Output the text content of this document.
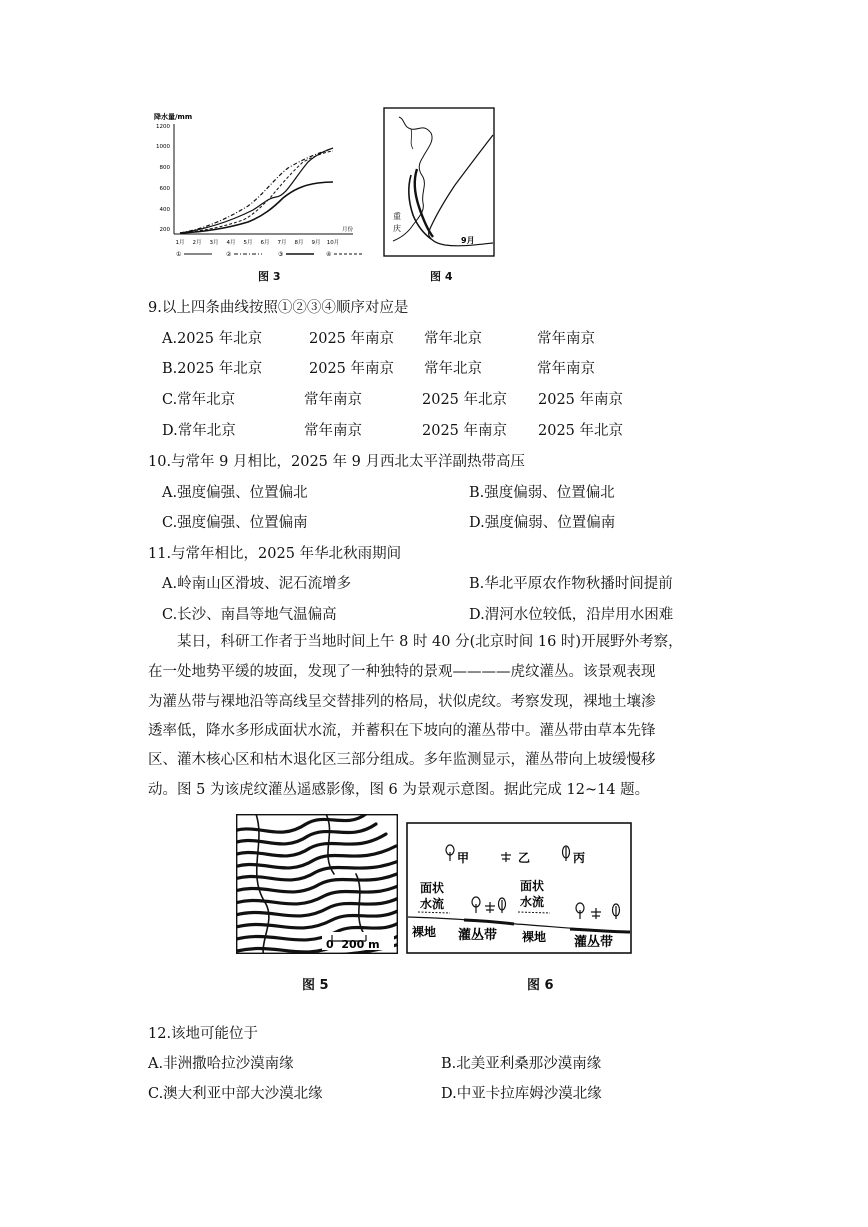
降水量/mm
1200
1000
800
600
400
200
1月 2月 3月 4月 5月 6月 7月 8月 9月 10月
月份
①	②	③	④
图 3
9月
重
庆
图 4
9.以上四条曲线按照①②③④顺序对应是
A.2025 年北京	2025 年南京 常年北京	常年南京
B.2025 年北京	2025 年南京 常年北京	常年南京
C.常年北京	常年南京	2025 年北京 2025 年南京
D.常年北京	常年南京	2025 年南京 2025 年北京
10.与常年 9 月相比，2025 年 9 月西北太平洋副热带高压
A.强度偏强、位置偏北	B.强度偏弱、位置偏北
C.强度偏强、位置偏南	D.强度偏弱、位置偏南
11.与常年相比，2025 年华北秋雨期间
A.岭南山区滑坡、泥石流增多	B.华北平原农作物秋播时间提前
C.长沙、南昌等地气温偏高	D.渭河水位较低，沿岸用水困难
某日，科研工作者于当地时间上午 8 时 40 分(北京时间 16 时)开展野外考察，
在一处地势平缓的坡面，发现了一种独特的景观————虎纹灌丛。该景观表现
为灌丛带与裸地沿等高线呈交替排列的格局，状似虎纹。考察发现，裸地土壤渗
透率低，降水多形成面状水流，并蓄积在下坡向的灌丛带中。灌丛带由草本先锋
区、灌木核心区和枯木退化区三部分组成。多年监测显示，灌丛带向上坡缓慢移
动。图 5 为该虎纹灌丛遥感影像，图 6 为景观示意图。据此完成 12~14 题。
0  200 m
图 5
甲	乙	丙
面状
水流
面状
水流
裸地 灌丛带 裸地 灌丛带
图 6
12.该地可能位于
A.非洲撒哈拉沙漠南缘	B.北美亚利桑那沙漠南缘
C.澳大利亚中部大沙漠北缘	D.中亚卡拉库姆沙漠北缘
